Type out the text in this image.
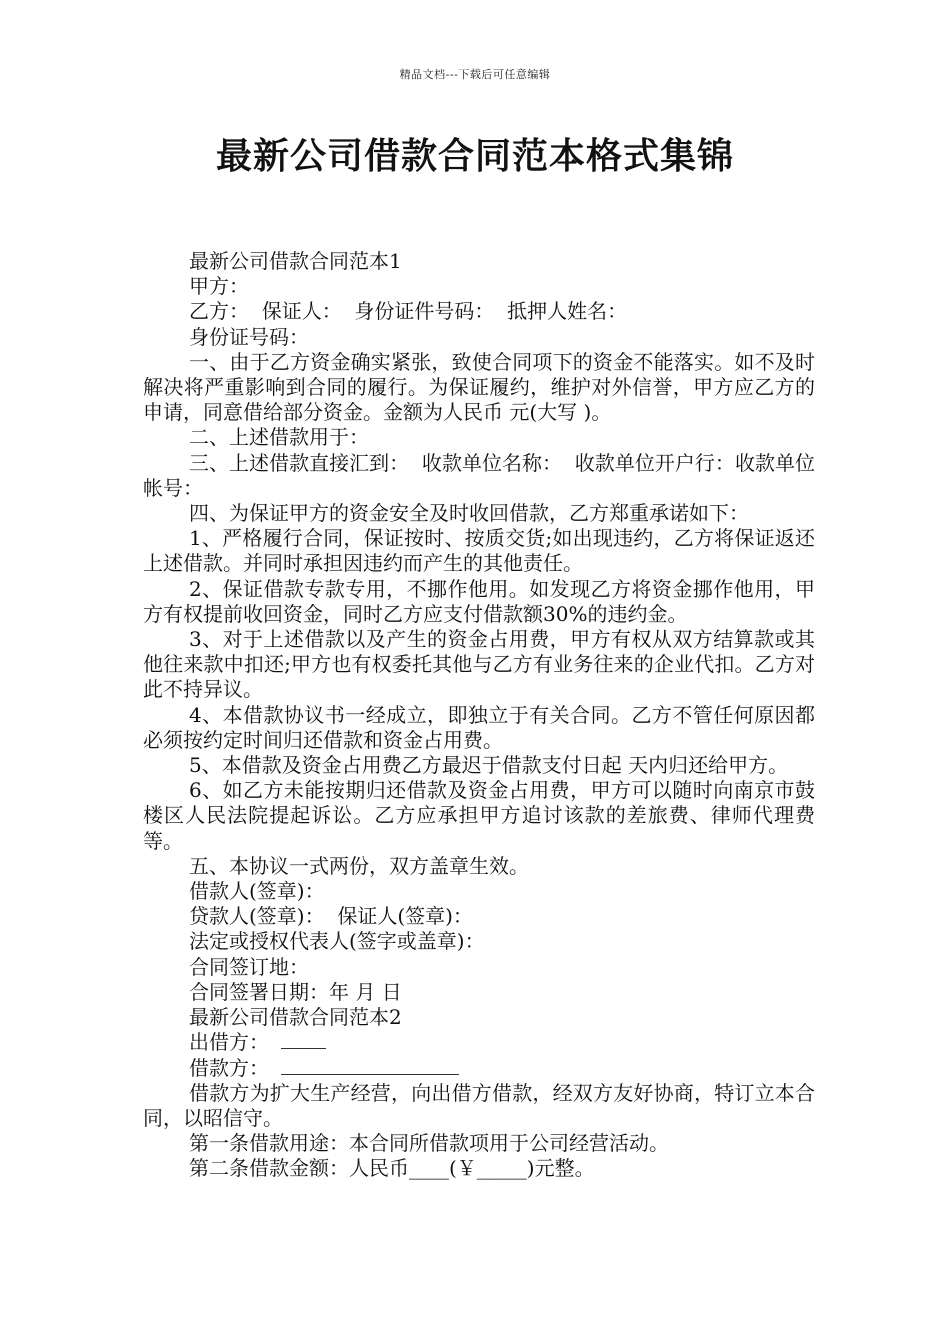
精品文档---下载后可任意编辑
最新公司借款合同范本格式集锦

最新公司借款合同范本1

甲方：

乙方：  保证人：  身份证件号码：  抵押人姓名：

身份证号码：

一、由于乙方资金确实紧张，致使合同项下的资金不能落实。如不及时解决将严重影响到合同的履行。为保证履约，维护对外信誉，甲方应乙方的申请，同意借给部分资金。金额为人民币 元(大写 )。

二、上述借款用于：

三、上述借款直接汇到：  收款单位名称：  收款单位开户行：收款单位帐号：

四、为保证甲方的资金安全及时收回借款，乙方郑重承诺如下：

1、严格履行合同，保证按时、按质交货;如出现违约，乙方将保证返还上述借款。并同时承担因违约而产生的其他责任。

2、保证借款专款专用，不挪作他用。如发现乙方将资金挪作他用，甲方有权提前收回资金，同时乙方应支付借款额30%的违约金。

3、对于上述借款以及产生的资金占用费，甲方有权从双方结算款或其他往来款中扣还;甲方也有权委托其他与乙方有业务往来的企业代扣。乙方对此不持异议。

4、本借款协议书一经成立，即独立于有关合同。乙方不管任何原因都必须按约定时间归还借款和资金占用费。

5、本借款及资金占用费乙方最迟于借款支付日起 天内归还给甲方。

6、如乙方未能按期归还借款及资金占用费，甲方可以随时向南京市鼓楼区人民法院提起诉讼。乙方应承担甲方追讨该款的差旅费、律师代理费等。

五、本协议一式两份，双方盖章生效。

借款人(签章)：

贷款人(签章)：  保证人(签章)：

法定或授权代表人(签字或盖章)：

合同签订地：

合同签署日期：年 月 日

最新公司借款合同范本2

出借方：

借款方：

借款方为扩大生产经营，向出借方借款，经双方友好协商，特订立本合同，以昭信守。

第一条借款用途：本合同所借款项用于公司经营活动。

第二条借款金额：人民币____(￥_____)元整。
